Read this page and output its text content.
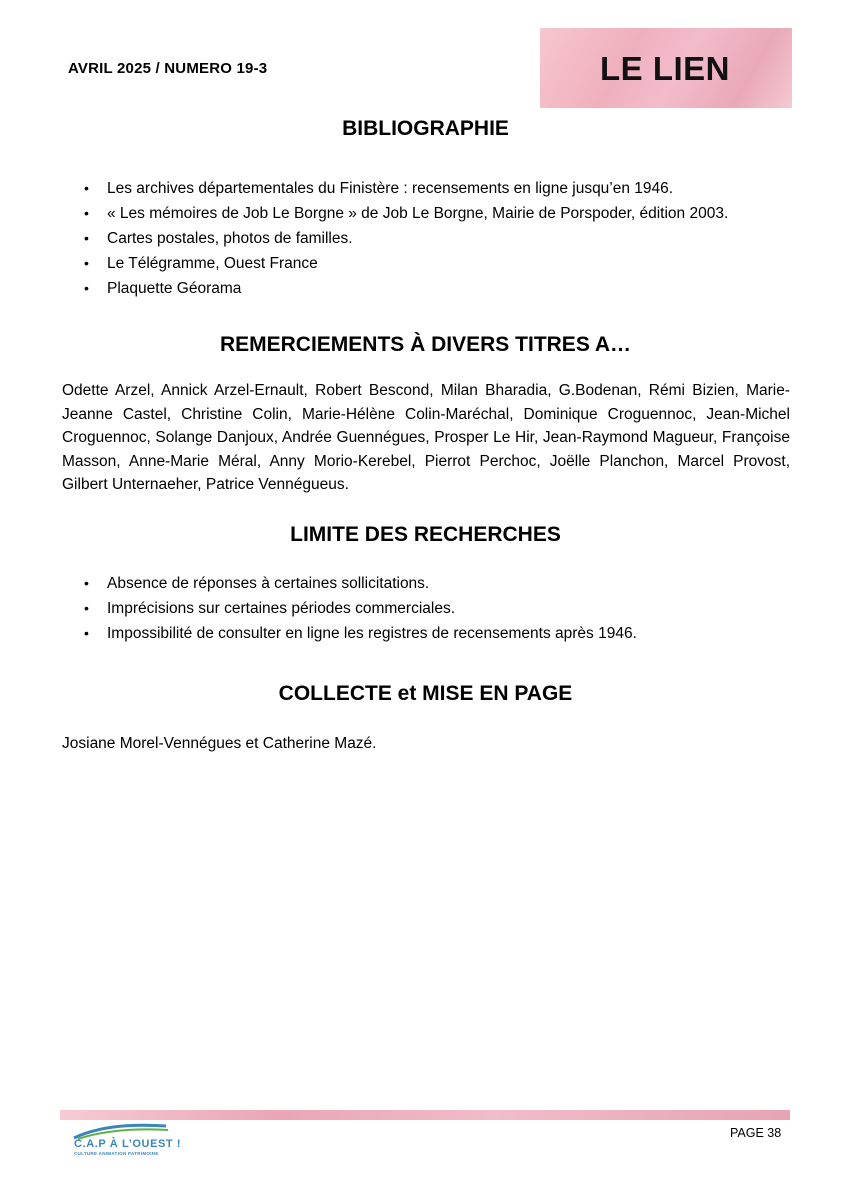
AVRIL 2025 / NUMERO 19-3	LE LIEN
BIBLIOGRAPHIE
• Les archives départementales du Finistère : recensements en ligne jusqu’en 1946.
• « Les mémoires de Job Le Borgne » de Job Le Borgne, Mairie de Porspoder, édition 2003.
• Cartes postales, photos de familles.
• Le Télégramme, Ouest France
• Plaquette Géorama
REMERCIEMENTS À DIVERS TITRES A…
Odette Arzel, Annick Arzel-Ernault, Robert Bescond, Milan Bharadia, G.Bodenan, Rémi Bizien, Marie-Jeanne Castel, Christine Colin, Marie-Hélène Colin-Maréchal, Dominique Croguennoc, Jean-Michel Croguennoc, Solange Danjoux, Andrée Guennégues, Prosper Le Hir, Jean-Raymond Magueur, Françoise Masson, Anne-Marie Méral, Anny Morio-Kerebel, Pierrot Perchoc, Joëlle Planchon, Marcel Provost, Gilbert Unternaeher, Patrice Vennégueus.
LIMITE DES RECHERCHES
• Absence de réponses à certaines sollicitations.
• Imprécisions sur certaines périodes commerciales.
• Impossibilité de consulter en ligne les registres de recensements après 1946.
COLLECTE et MISE EN PAGE
Josiane Morel-Vennégues et Catherine Mazé.
C.A.P À L’OUEST !
CULTURE ANIMATION PATRIMOINE
PAGE 38
